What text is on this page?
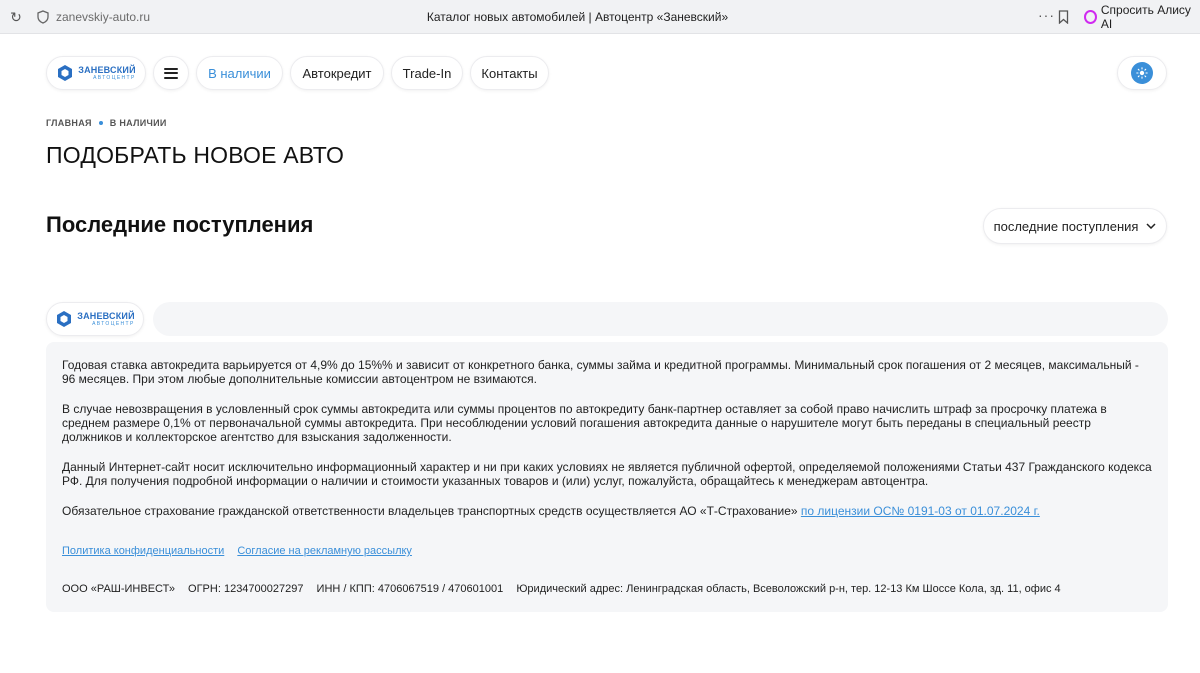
↻	zanevskiy-auto.ru	Каталог новых автомобилей | Автоцентр «Заневский»	···	Спросить Алису AI
ЗАНЕВСКИЙ
АВТОЦЕНТР	В наличии	Автокредит	Trade-In	Контакты
ГЛАВНАЯ В НАЛИЧИИ
ПОДОБРАТЬ НОВОЕ АВТО
Последние поступления	последние поступления
ЗАНЕВСКИЙ
АВТОЦЕНТР

Годовая ставка автокредита варьируется от 4,9% до 15%% и зависит от конкретного банка, суммы займа и кредитной программы. Минимальный срок погашения от 2 месяцев, максимальный - 96 месяцев. При этом любые дополнительные комиссии автоцентром не взимаются.

В случае невозвращения в условленный срок суммы автокредита или суммы процентов по автокредиту банк-партнер оставляет за собой право начислить штраф за просрочку платежа в среднем размере 0,1% от первоначальной суммы автокредита. При несоблюдении условий погашения автокредита данные о нарушителе могут быть переданы в специальный реестр должников и коллекторское агентство для взыскания задолженности.

Данный Интернет-сайт носит исключительно информационный характер и ни при каких условиях не является публичной офертой, определяемой положениями Статьи 437 Гражданского кодекса РФ. Для получения подробной информации о наличии и стоимости указанных товаров и (или) услуг, пожалуйста, обращайтесь к менеджерам автоцентра.

Обязательное страхование гражданской ответственности владельцев транспортных средств осуществляется АО «Т-Страхование» по лицензии ОС№ 0191-03 от 01.07.2024 г.

Политика конфиденциальности Согласие на рекламную рассылку
ООО «РАШ-ИНВЕСТ» ОГРН: 1234700027297 ИНН / КПП: 4706067519 / 470601001 Юридический адрес: Ленинградская область, Всеволожский р-н, тер. 12-13 Км Шоссе Кола, зд. 11, офис 4
